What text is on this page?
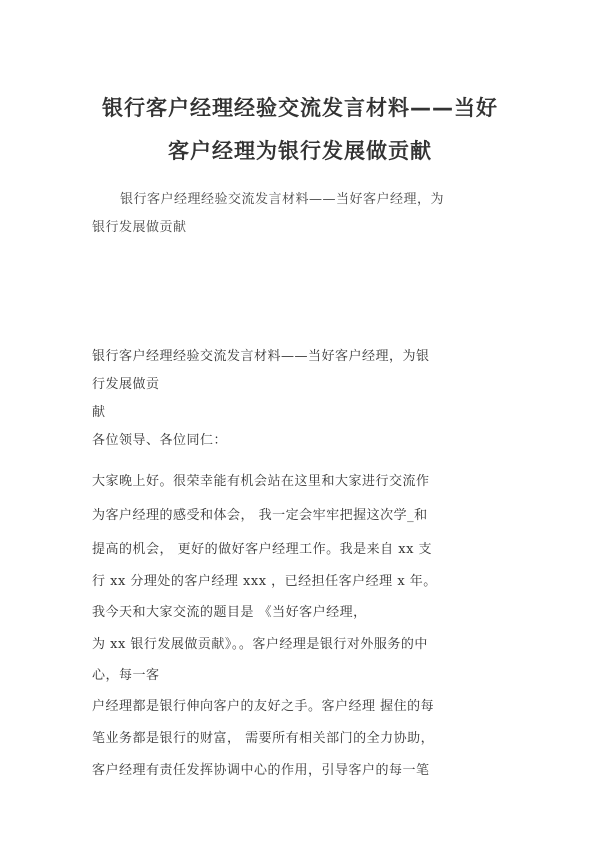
银行客户经理经验交流发言材料——当好
客户经理为银行发展做贡献

银行客户经理经验交流发言材料——当好客户经理，为

银行发展做贡献

银行客户经理经验交流发言材料——当好客户经理，为银

行发展做贡

献

各位领导、各位同仁：

大家晚上好。很荣幸能有机会站在这里和大家进行交流作

为客户经理的感受和体会， 我一定会牢牢把握这次学_和

提高的机会， 更好的做好客户经理工作。我是来自 xx 支

行 xx 分理处的客户经理 xxx ，已经担任客户经理 x 年。

我今天和大家交流的题目是 《当好客户经理，

为 xx 银行发展做贡献》。。客户经理是银行对外服务的中

心，每一客

户经理都是银行伸向客户的友好之手。客户经理 握住的每

笔业务都是银行的财富， 需要所有相关部门的全力协助，

客户经理有责任发挥协调中心的作用，引导客户的每一笔
